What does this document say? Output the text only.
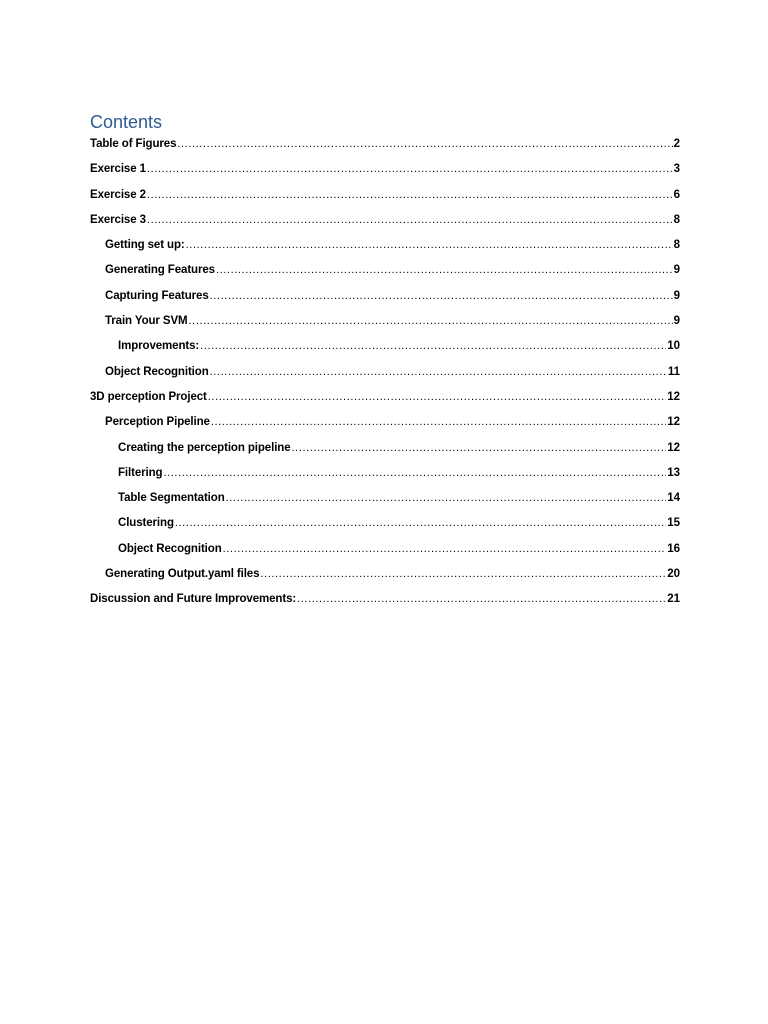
Contents
Table of Figures .....	2
Exercise 1 .....	3
Exercise 2 .....	6
Exercise 3 .....	8
Getting set up: .....	8
Generating Features .....	9
Capturing Features .....	9
Train Your SVM .....	9
Improvements: .....	10
Object Recognition .....	11
3D perception Project .....	12
Perception Pipeline .....	12
Creating the perception pipeline .....	12
Filtering .....	13
Table Segmentation .....	14
Clustering .....	15
Object Recognition .....	16
Generating Output.yaml files .....	20
Discussion and Future Improvements: .....	21
